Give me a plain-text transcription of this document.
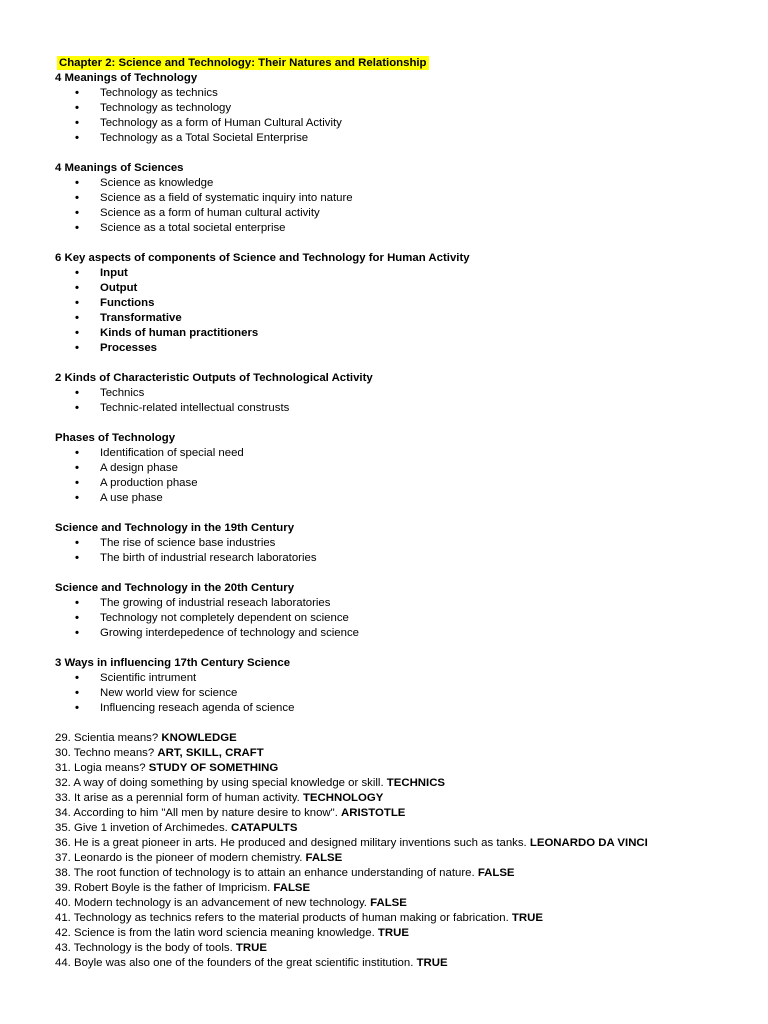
Chapter 2: Science and Technology: Their Natures and Relationship
4 Meanings of Technology
• Technology as technics
• Technology as technology
• Technology as a form of Human Cultural Activity
• Technology as a Total Societal Enterprise
4 Meanings of Sciences
• Science as knowledge
• Science as a field of systematic inquiry into nature
• Science as a form of human cultural activity
• Science as a total societal enterprise
6 Key aspects of components of Science and Technology for Human Activity
• Input
• Output
• Functions
• Transformative
• Kinds of human practitioners
• Processes
2 Kinds of Characteristic Outputs of Technological Activity
• Technics
• Technic-related intellectual construsts
Phases of Technology
• Identification of special need
• A design phase
• A production phase
• A use phase
Science and Technology in the 19th Century
• The rise of science base industries
• The birth of industrial research laboratories
Science and Technology in the 20th Century
• The growing of industrial reseach laboratories
• Technology not completely dependent on science
• Growing interdepedence of technology and science
3 Ways in influencing 17th Century Science
• Scientific intrument
• New world view for science
• Influencing reseach agenda of science
29. Scientia means? KNOWLEDGE
30. Techno means? ART, SKILL, CRAFT
31. Logia means? STUDY OF SOMETHING
32. A way of doing something by using special knowledge or skill. TECHNICS
33. It arise as a perennial form of human activity. TECHNOLOGY
34. According to him "All men by nature desire to know". ARISTOTLE
35. Give 1 invetion of Archimedes. CATAPULTS
36. He is a great pioneer in arts. He produced and designed military inventions such as tanks. LEONARDO DA VINCI
37. Leonardo is the pioneer of modern chemistry. FALSE
38. The root function of technology is to attain an enhance understanding of nature. FALSE
39. Robert Boyle is the father of Impricism. FALSE
40. Modern technology is an advancement of new technology. FALSE
41. Technology as technics refers to the material products of human making or fabrication. TRUE
42. Science is from the latin word sciencia meaning knowledge. TRUE
43. Technology is the body of tools. TRUE
44. Boyle was also one of the founders of the great scientific institution. TRUE
